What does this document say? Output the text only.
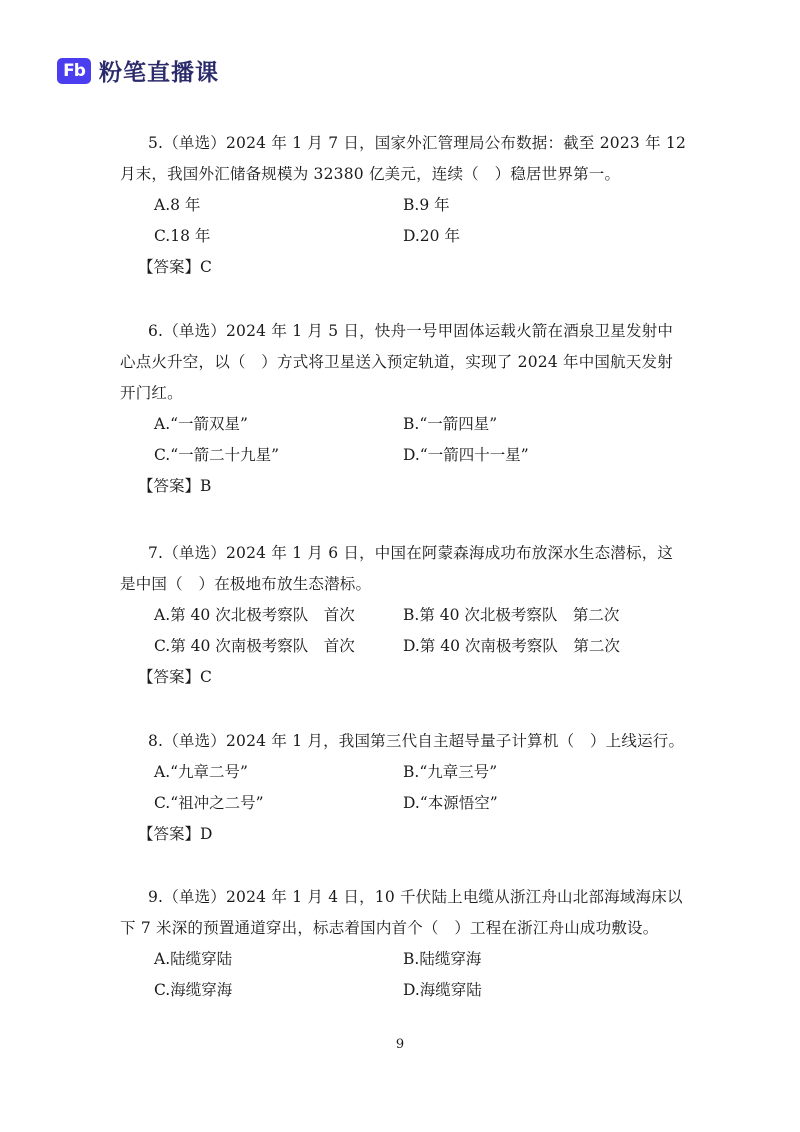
Fb 粉笔直播课
5.（单选）2024 年 1 月 7 日，国家外汇管理局公布数据：截至 2023 年 12
月末，我国外汇储备规模为 32380 亿美元，连续（　）稳居世界第一。
A.8 年	B.9 年
C.18 年	D.20 年
【答案】C
6.（单选）2024 年 1 月 5 日，快舟一号甲固体运载火箭在酒泉卫星发射中
心点火升空，以（　）方式将卫星送入预定轨道，实现了 2024 年中国航天发射
开门红。
A.“一箭双星”	B.“一箭四星”
C.“一箭二十九星”	D.“一箭四十一星”
【答案】B
7.（单选）2024 年 1 月 6 日，中国在阿蒙森海成功布放深水生态潜标，这
是中国（　）在极地布放生态潜标。
A.第 40 次北极考察队　首次	B.第 40 次北极考察队　第二次
C.第 40 次南极考察队　首次	D.第 40 次南极考察队　第二次
【答案】C
8.（单选）2024 年 1 月，我国第三代自主超导量子计算机（　）上线运行。
A.“九章二号”	B.“九章三号”
C.“祖冲之二号”	D.“本源悟空”
【答案】D
9.（单选）2024 年 1 月 4 日，10 千伏陆上电缆从浙江舟山北部海域海床以
下 7 米深的预置通道穿出，标志着国内首个（　）工程在浙江舟山成功敷设。
A.陆缆穿陆	B.陆缆穿海
C.海缆穿海	D.海缆穿陆
9
